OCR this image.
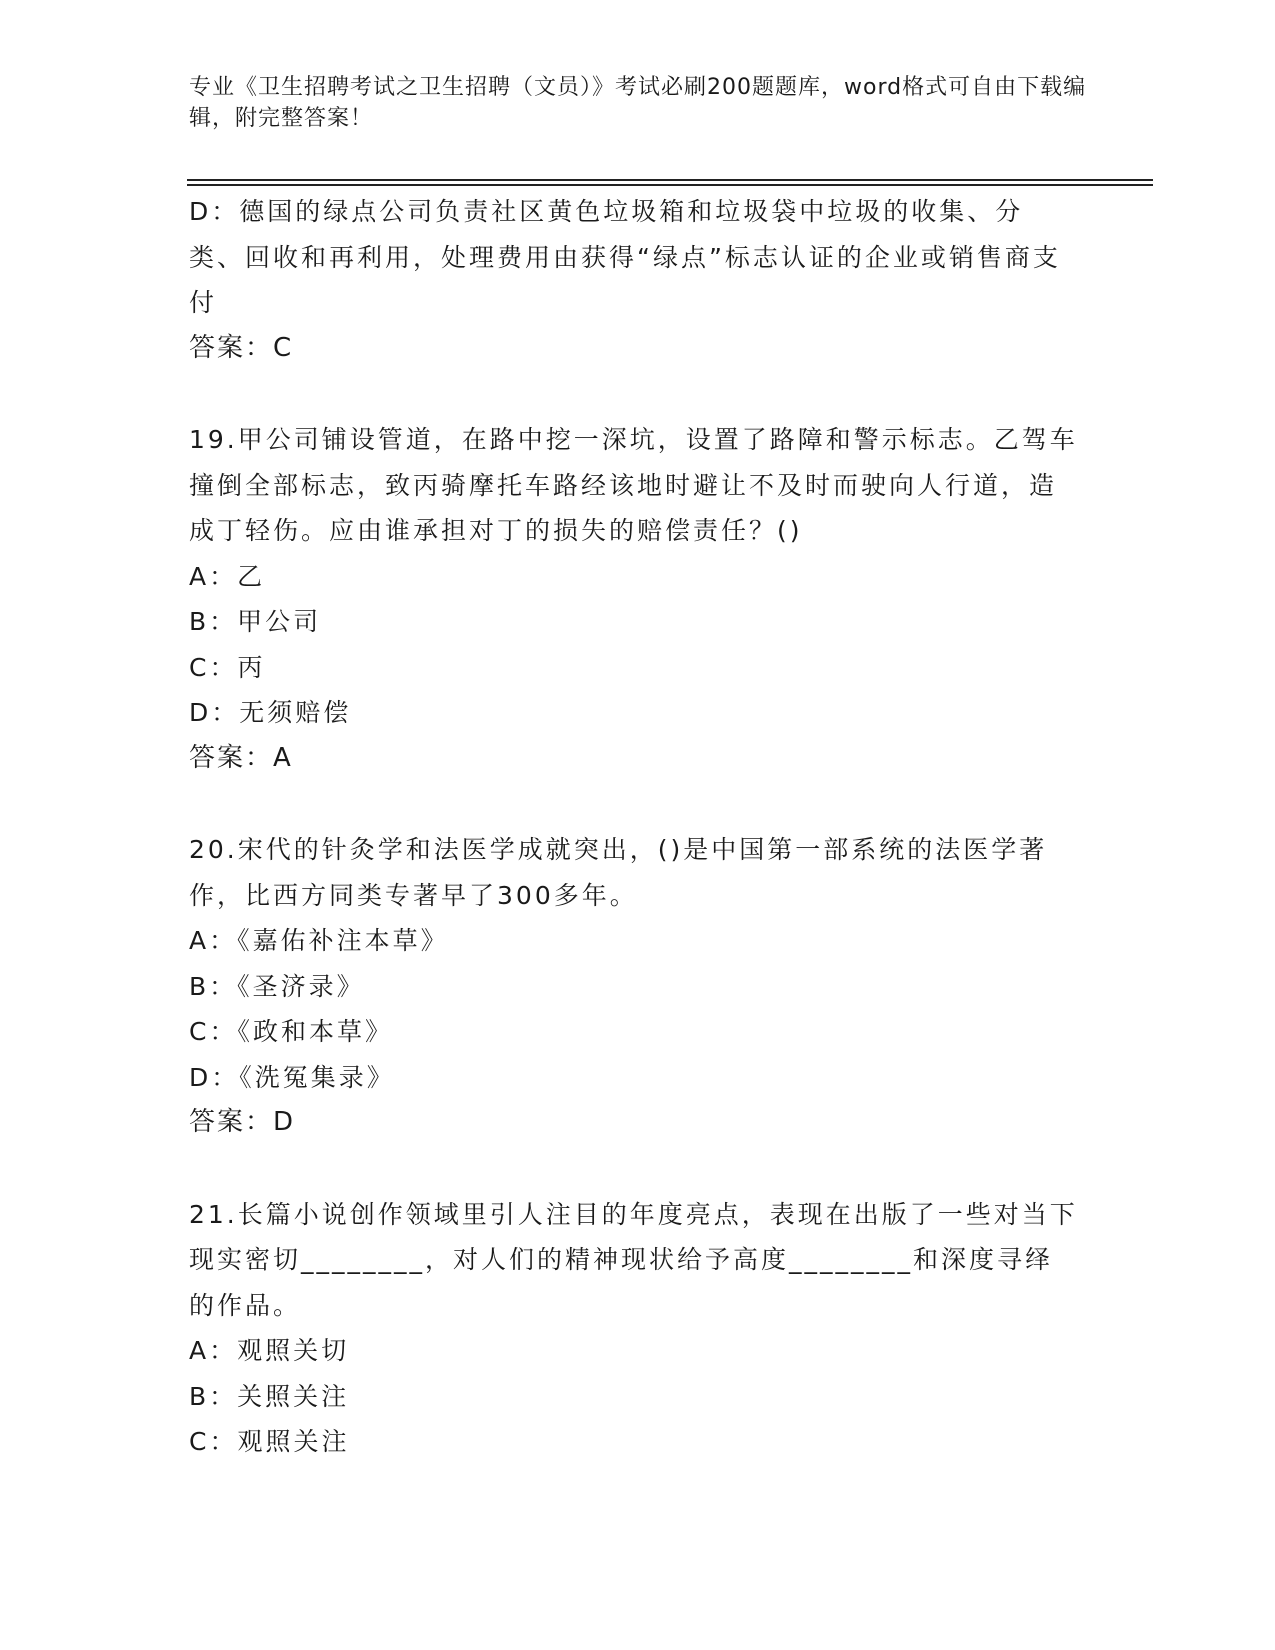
专业《卫生招聘考试之卫生招聘（文员）》考试必刷200题题库，word格式可自由下载编辑，附完整答案！

D：德国的绿点公司负责社区黄色垃圾箱和垃圾袋中垃圾的收集、分类、回收和再利用，处理费用由获得“绿点”标志认证的企业或销售商支付

答案：C

19.甲公司铺设管道，在路中挖一深坑，设置了路障和警示标志。乙驾车撞倒全部标志，致丙骑摩托车路经该地时避让不及时而驶向人行道，造成丁轻伤。应由谁承担对丁的损失的赔偿责任？()

A：乙

B：甲公司

C：丙

D：无须赔偿

答案：A

20.宋代的针灸学和法医学成就突出，()是中国第一部系统的法医学著作，比西方同类专著早了300多年。

A：《嘉佑补注本草》

B：《圣济录》

C：《政和本草》

D：《洗冤集录》

答案：D

21.长篇小说创作领域里引人注目的年度亮点，表现在出版了一些对当下现实密切________，对人们的精神现状给予高度________和深度寻绎的作品。

A：观照关切

B：关照关注

C：观照关注
